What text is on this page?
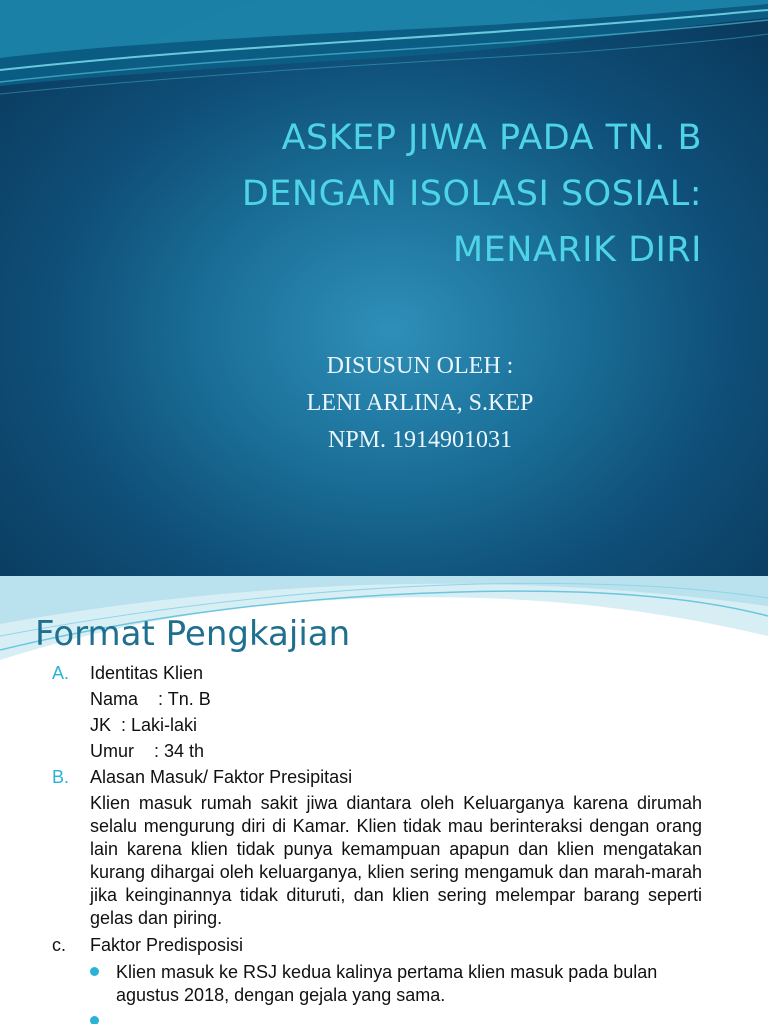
ASKEP JIWA PADA TN. B
DENGAN ISOLASI SOSIAL:
MENARIK DIRI
DISUSUN OLEH :
LENI ARLINA, S.KEP
NPM. 1914901031
Format Pengkajian
A. Identitas Klien
Nama    : Tn. B
JK  : Laki-laki
Umur    : 34 th
B. Alasan Masuk/ Faktor Presipitasi
Klien masuk rumah sakit jiwa diantara oleh Keluarganya karena dirumah selalu mengurung diri di Kamar. Klien tidak mau berinteraksi dengan orang lain karena klien tidak punya kemampuan apapun dan klien mengatakan kurang dihargai oleh keluarganya, klien sering mengamuk dan marah-marah jika keinginannya tidak dituruti, dan klien sering melempar barang seperti gelas dan piring.
c. Faktor Predisposisi
Klien masuk ke RSJ kedua kalinya pertama klien masuk pada bulan agustus 2018, dengan gejala yang sama.
